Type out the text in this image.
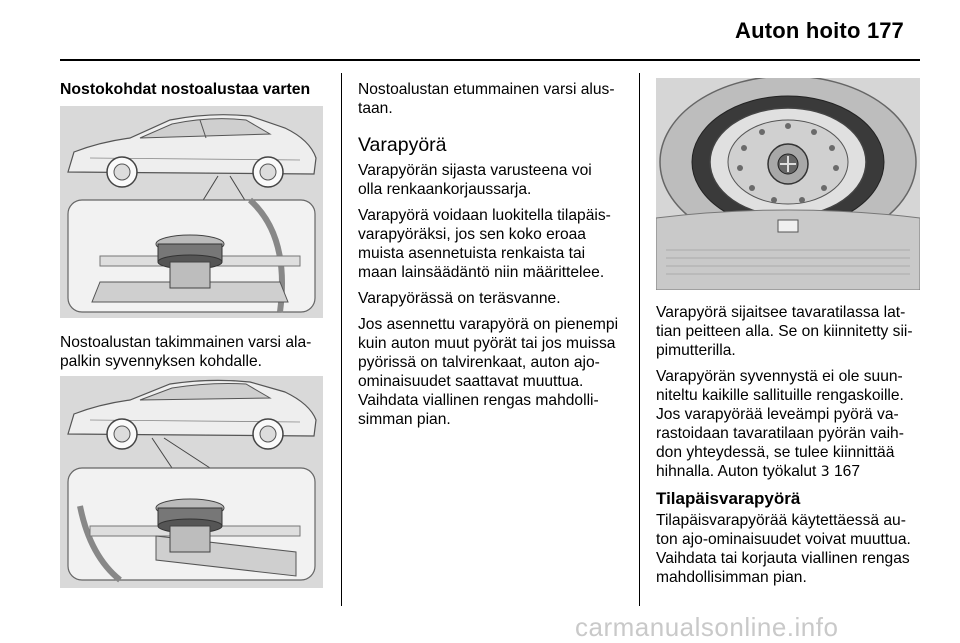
Auton hoito 177
Nostokohdat nostoalustaa varten
Nostoalustan takimmainen varsi ala-
palkin syvennyksen kohdalle.
Nostoalustan etummainen varsi alus-
taan.
Varapyörä
Varapyörän sijasta varusteena voi
olla renkaankorjaussarja.
Varapyörä voidaan luokitella tilapäis-
varapyöräksi, jos sen koko eroaa
muista asennetuista renkaista tai
maan lainsäädäntö niin määrittelee.
Varapyörässä on teräsvanne.
Jos asennettu varapyörä on pienempi
kuin auton muut pyörät tai jos muissa
pyörissä on talvirenkaat, auton ajo-
ominaisuudet saattavat muuttua.
Vaihdata viallinen rengas mahdolli-
simman pian.
Varapyörä sijaitsee tavaratilassa lat-
tian peitteen alla. Se on kiinnitetty sii-
pimutterilla.
Varapyörän syvennystä ei ole suun-
niteltu kaikille sallituille rengaskoille.
Jos varapyörää leveämpi pyörä va-
rastoidaan tavaratilaan pyörän vaih-
don yhteydessä, se tulee kiinnittää
hihnalla. Auton työkalut 3 167
Tilapäisvarapyörä
Tilapäisvarapyörää käytettäessä au-
ton ajo-ominaisuudet voivat muuttua.
Vaihdata tai korjauta viallinen rengas
mahdollisimman pian.
carmanualsonline.info
